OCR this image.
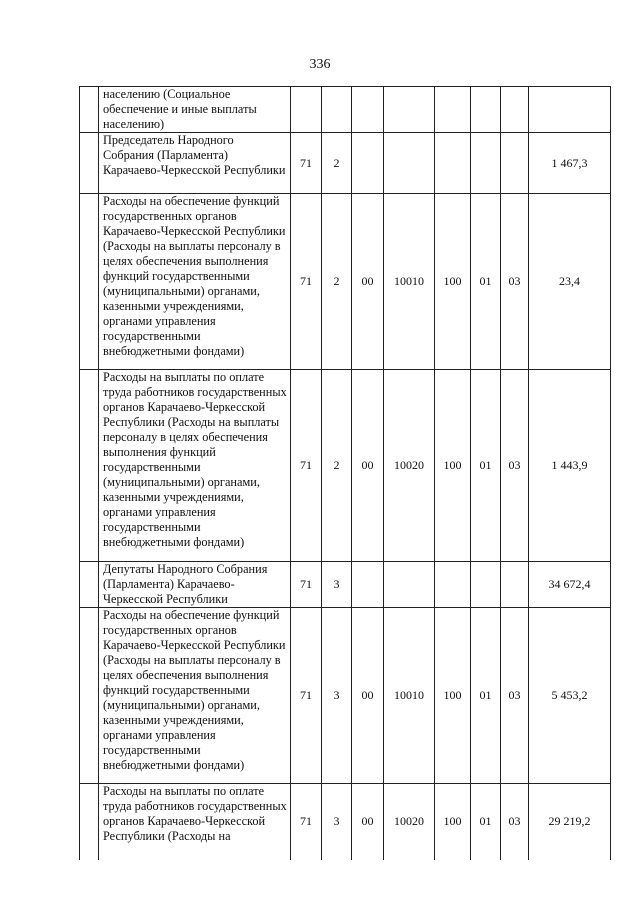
336
	населению (Социальное обеспечение и иные выплаты населению)								
	Председатель Народного Собрания (Парламента) Карачаево-Черкесской Республики	71	2						1 467,3
	Расходы на обеспечение функций государственных органов Карачаево-Черкесской Республики (Расходы на выплаты персоналу в целях обеспечения выполнения функций государственными (муниципальными) органами, казенными учреждениями, органами управления государственными внебюджетными фондами)	71	2	00	10010	100	01	03	23,4
	Расходы на выплаты по оплате труда работников государственных органов Карачаево-Черкесской Республики (Расходы на выплаты персоналу в целях обеспечения выполнения функций государственными (муниципальными) органами, казенными учреждениями, органами управления государственными внебюджетными фондами)	71	2	00	10020	100	01	03	1 443,9
	Депутаты Народного Собрания (Парламента) Карачаево-Черкесской Республики	71	3						34 672,4
	Расходы на обеспечение функций государственных органов Карачаево-Черкесской Республики (Расходы на выплаты персоналу в целях обеспечения выполнения функций государственными (муниципальными) органами, казенными учреждениями, органами управления государственными внебюджетными фондами)	71	3	00	10010	100	01	03	5 453,2
	Расходы на выплаты по оплате труда работников государственных органов Карачаево-Черкесской Республики (Расходы на	71	3	00	10020	100	01	03	29 219,2
